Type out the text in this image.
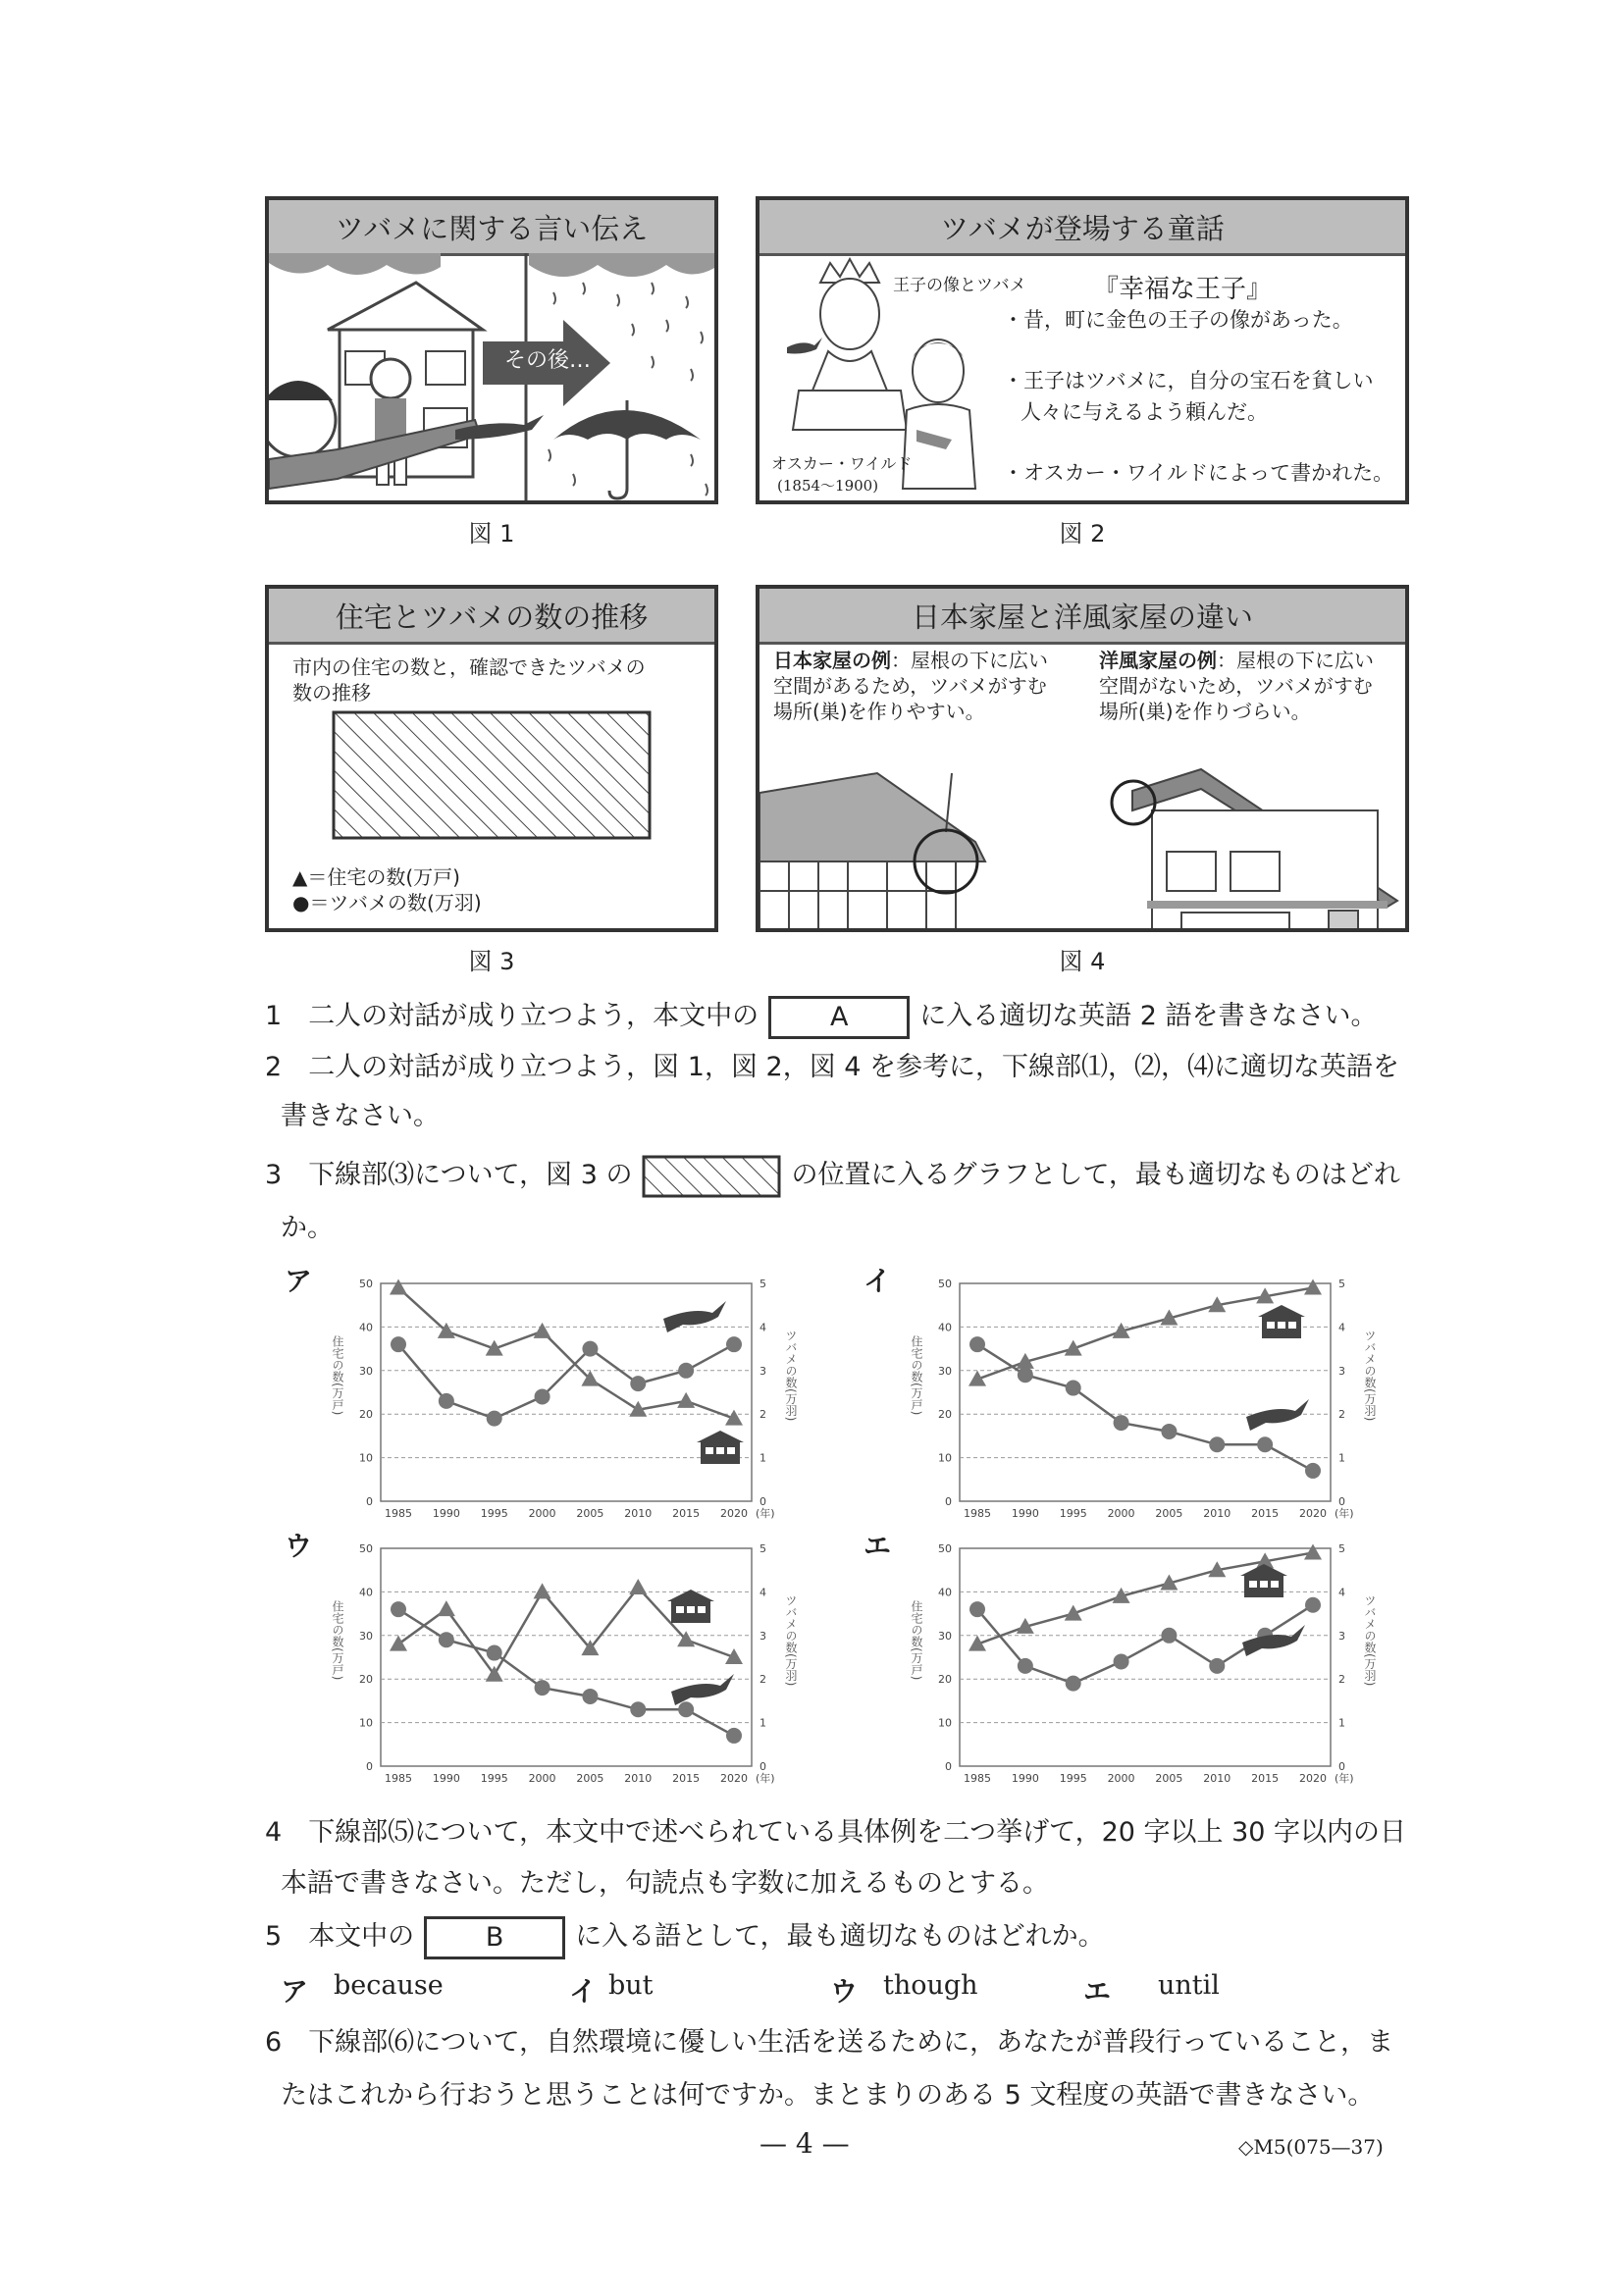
ツバメに関する言い伝え
その後…
図 1
ツバメが登場する童話
王子の像とツバメ
オスカー・ワイルド
(1854～1900)
『幸福な王子』
・昔，町に金色の王子の像があった。
・王子はツバメに，自分の宝石を貧しい
人々に与えるよう頼んだ。
・オスカー・ワイルドによって書かれた。
図 2
住宅とツバメの数の推移
市内の住宅の数と，確認できたツバメの
数の推移
▲＝住宅の数(万戸)
●＝ツバメの数(万羽)
図 3
日本家屋と洋風家屋の違い
日本家屋の例：屋根の下に広い
空間があるため，ツバメがすむ
場所(巣)を作りやすい。
洋風家屋の例：屋根の下に広い
空間がないため，ツバメがすむ
場所(巣)を作りづらい。
図 4
1　 二人の対話が成り立つよう，本文中の	A	に入る適切な英語 2 語を書きなさい。
2　 二人の対話が成り立つよう，図 1，図 2，図 4 を参考に，下線部⑴，⑵，⑷に適切な英語を
書きなさい。
3　 下線部⑶について，図 3 の	の位置に入るグラフとして，最も適切なものはどれ
か。
ア	イ
ウ	エ
0
10
20
30
40
50
0
1
2
3
4
5
1985 1990 1995 2000 2005 2010 2015 2020 (年)
住宅の数(万戸)	ツバメの数(万羽)
0
10
20
30
40
50
0
1
2
3
4
5
1985 1990 1995 2000 2005 2010 2015 2020 (年)
住宅の数(万戸)	ツバメの数(万羽)
0
10
20
30
40
50
0
1
2
3
4
5
1985 1990 1995 2000 2005 2010 2015 2020 (年)
住宅の数(万戸)	ツバメの数(万羽)
0
10
20
30
40
50
0
1
2
3
4
5
1985 1990 1995 2000 2005 2010 2015 2020 (年)
住宅の数(万戸)	ツバメの数(万羽)
4　 下線部⑸について，本文中で述べられている具体例を二つ挙げて，20 字以上 30 字以内の日
本語で書きなさい。ただし，句読点も字数に加えるものとする。
5　 本文中の	B	に入る語として，最も適切なものはどれか。
ア because	イ but	ウ though	エ until
6　 下線部⑹について，自然環境に優しい生活を送るために，あなたが普段行っていること，ま
たはこれから行おうと思うことは何ですか。まとまりのある 5 文程度の英語で書きなさい。
— 4 —	◇M5(075—37)
